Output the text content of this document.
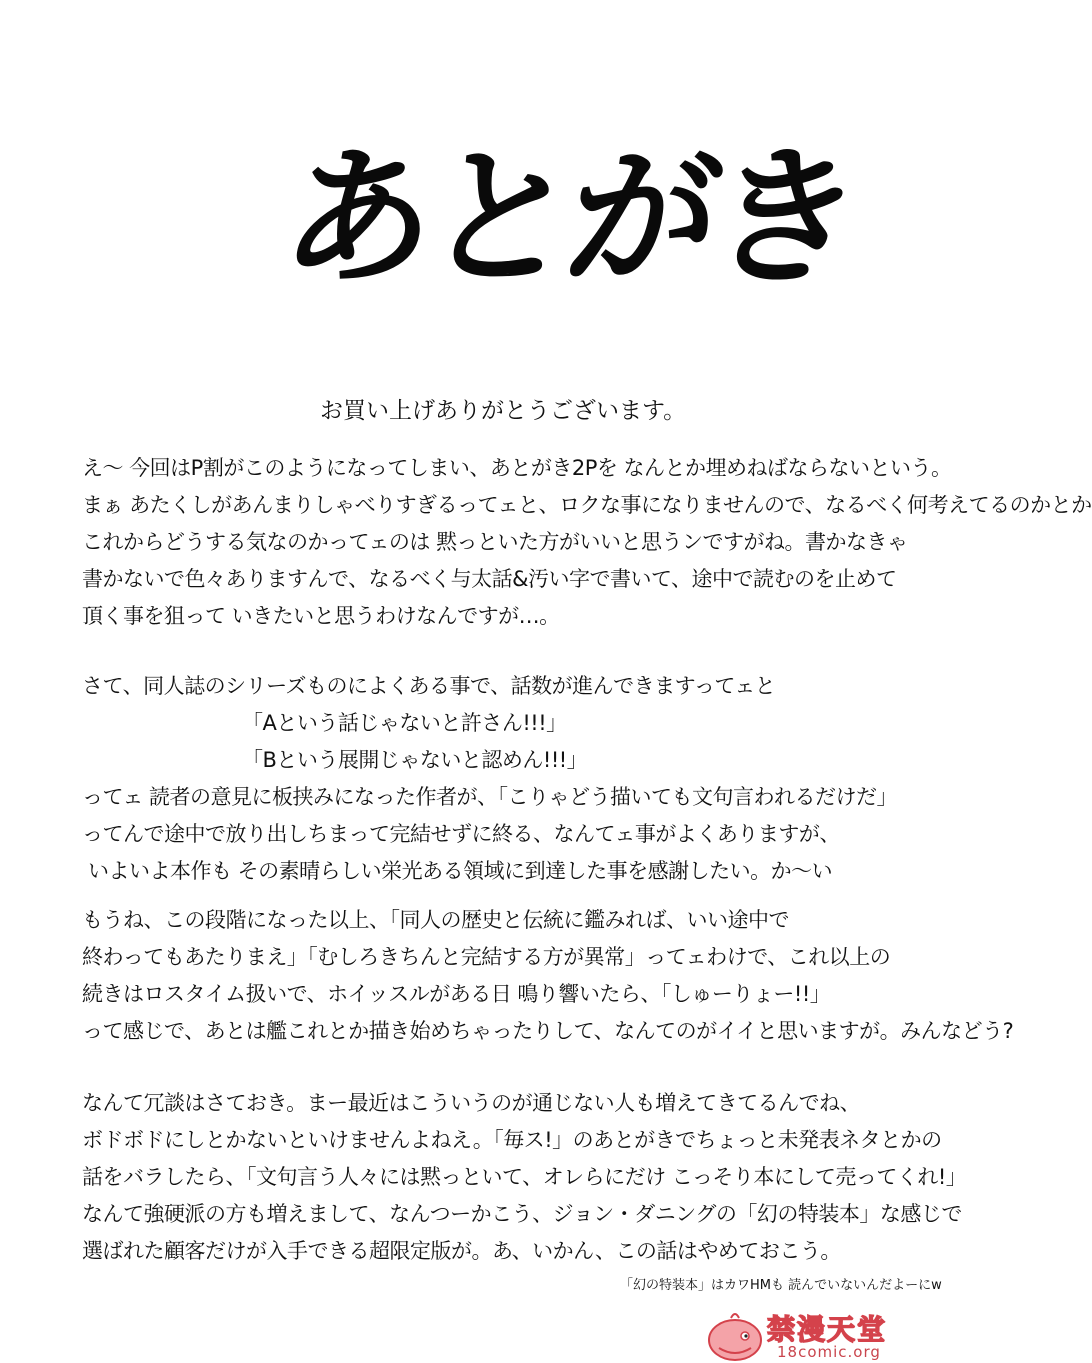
あとがき
お買い上げありがとうございます。
え〜 今回はP割がこのようになってしまい、あとがき2Pを なんとか埋めねばならないという。
まぁ あたくしがあんまりしゃべりすぎるってェと、ロクな事になりませんので、なるべく何考えてるのかとか
これからどうする気なのかってェのは 黙っといた方がいいと思うンですがね。書かなきゃ
書かないで色々ありますんで、なるべく与太話&汚い字で書いて、途中で読むのを止めて
頂く事を狙って いきたいと思うわけなんですが…。
さて、同人誌のシリーズものによくある事で、話数が進んできますってェと
「Aという話じゃないと許さん!!!」
「Bという展開じゃないと認めん!!!」
ってェ 読者の意見に板挟みになった作者が、「こりゃどう描いても文句言われるだけだ」
ってんで途中で放り出しちまって完結せずに終る、なんてェ事がよくありますが、
いよいよ本作も その素晴らしい栄光ある領域に到達した事を感謝したい。か〜い
もうね、この段階になった以上、「同人の歴史と伝統に鑑みれば、いい途中で
終わってもあたりまえ」「むしろきちんと完結する方が異常」ってェわけで、これ以上の
続きはロスタイム扱いで、ホイッスルがある日 鳴り響いたら、「しゅーりょー!!」
って感じで、あとは艦これとか描き始めちゃったりして、なんてのがイイと思いますが。みんなどう?
なんて冗談はさておき。まー最近はこういうのが通じない人も増えてきてるんでね、
ボドボドにしとかないといけませんよねえ。「毎ス!」のあとがきでちょっと未発表ネタとかの
話をバラしたら、「文句言う人々には黙っといて、オレらにだけ こっそり本にして売ってくれ!」
なんて強硬派の方も増えまして、なんつーかこう、ジョン・ダニングの「幻の特装本」な感じで
選ばれた顧客だけが入手できる超限定版が。あ、いかん、この話はやめておこう。
「幻の特装本」はカワHMも 読んでいないんだよーにw
禁漫天堂
18comic.org
